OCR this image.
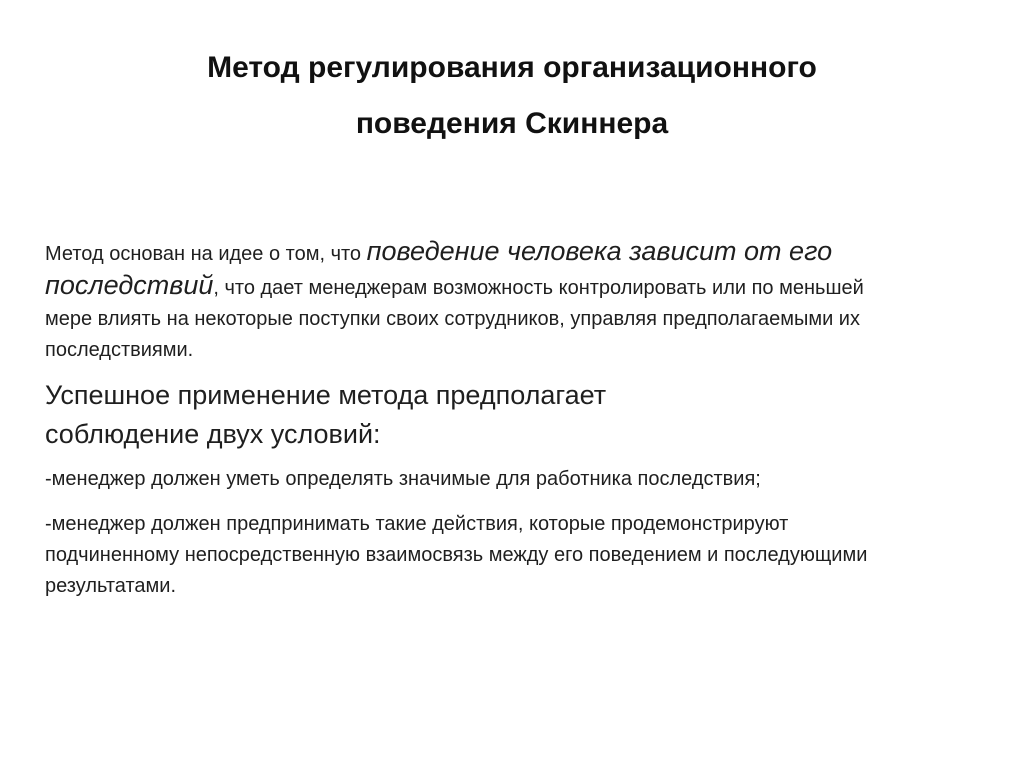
Метод регулирования организационного
поведения Скиннера

Метод основан на идее о том, что поведение человека зависит от его последствий, что дает менеджерам возможность контролировать или по меньшей мере влиять на некоторые поступки своих сотрудников, управляя предполагаемыми их последствиями.

Успешное применение метода предполагает соблюдение двух условий:

-менеджер должен уметь определять значимые для работника последствия;

-менеджер должен предпринимать такие действия, которые продемонстрируют подчиненному непосредственную взаимосвязь между его поведением и последующими результатами.
